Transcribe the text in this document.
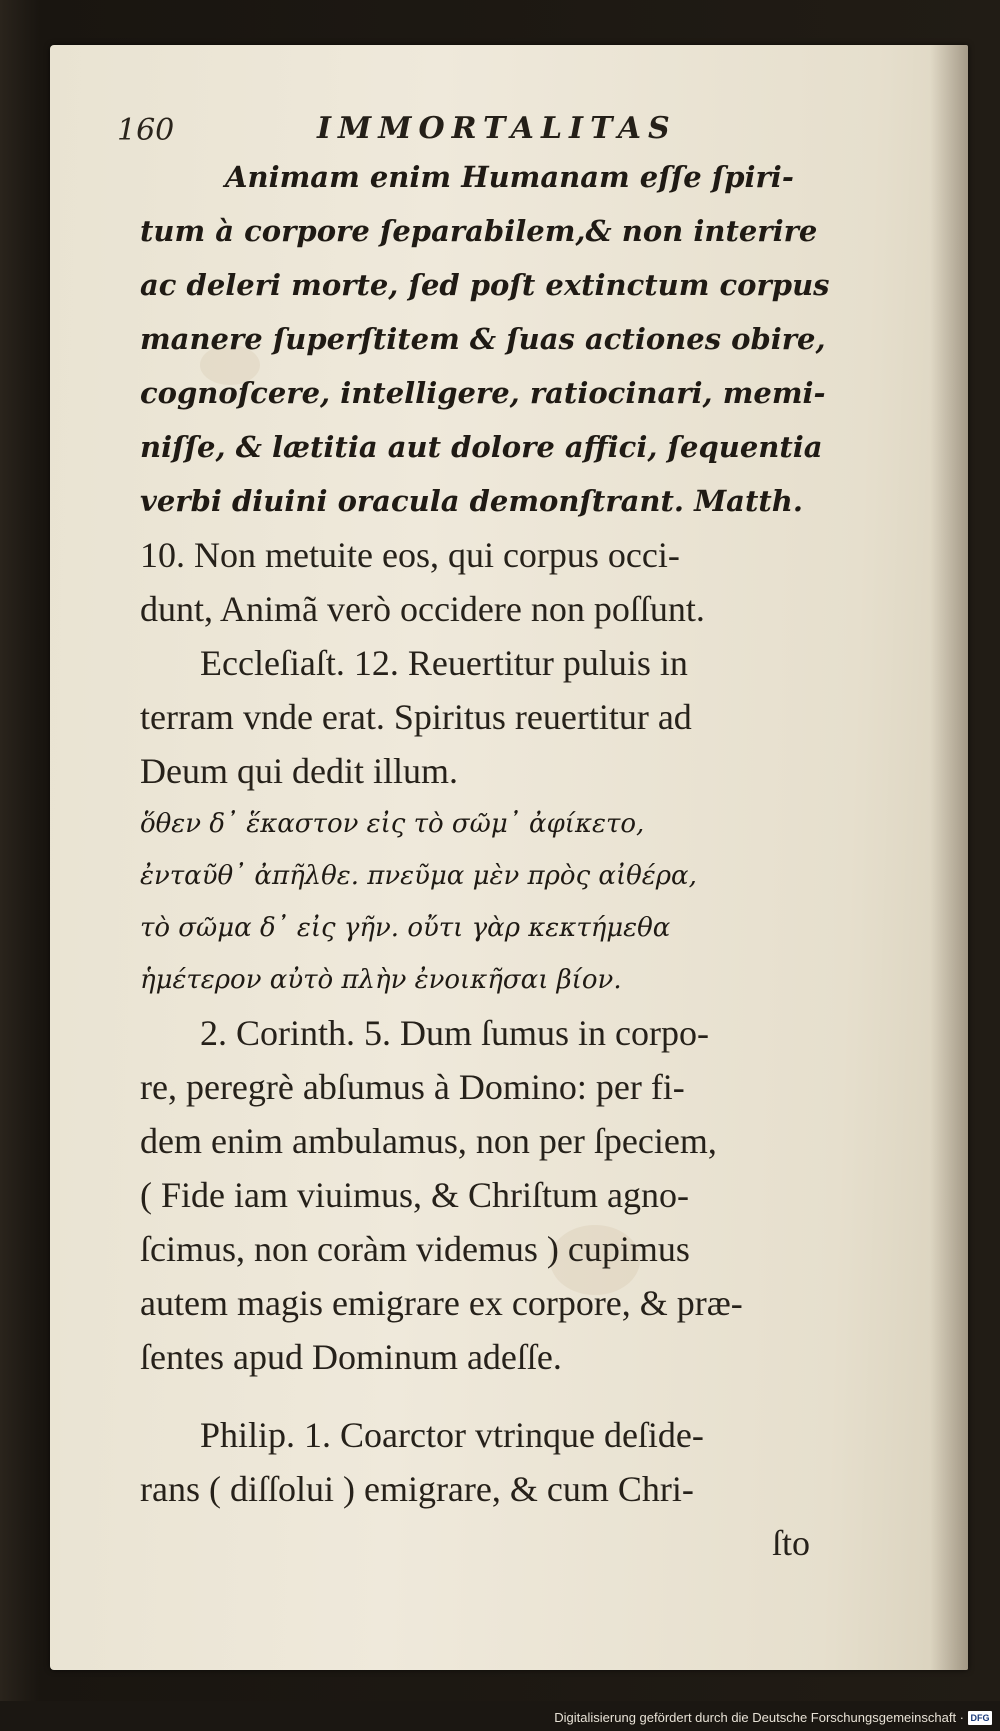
160	IMMORTALITAS
Animam enim Humanam eſſe ſpiri-
tum à corpore ſeparabilem,& non interire
ac deleri morte, ſed poſt extinctum corpus
manere ſuperſtitem & ſuas actiones obire,
cognoſcere, intelligere, ratiocinari, memi-
niſſe, & lætitia aut dolore affici, ſequentia
verbi diuini oracula demonſtrant. Matth.
10. Non metuite eos, qui corpus occi-
dunt, Animã verò occidere non poſſunt.
Eccleſiaſt. 12. Reuertitur puluis in
terram vnde erat. Spiritus reuertitur ad
Deum qui dedit illum.
ὅθεν δ᾽ ἕκαστον εἰς τὸ σῶμ᾽ ἀφίκετο,
ἐνταῦθ᾽ ἀπῆλθε. πνεῦμα μὲν πρὸς αἰθέρα,
τὸ σῶμα δ᾽ εἰς γῆν. οὔτι γὰρ κεκτήμεθα
ἡμέτερον αὐτὸ πλὴν ἐνοικῆσαι βίον.
2. Corinth. 5. Dum ſumus in corpo-
re, peregrè abſumus à Domino: per fi-
dem enim ambulamus, non per ſpeciem,
( Fide iam viuimus, & Chriſtum agno-
ſcimus, non coràm videmus ) cupimus
autem magis emigrare ex corpore, & præ-
ſentes apud Dominum adeſſe.
Philip. 1. Coarctor vtrinque deſide-
rans ( diſſolui ) emigrare, & cum Chri-
ſto
Digitalisierung gefördert durch die Deutsche Forschungsgemeinschaft · DFG
